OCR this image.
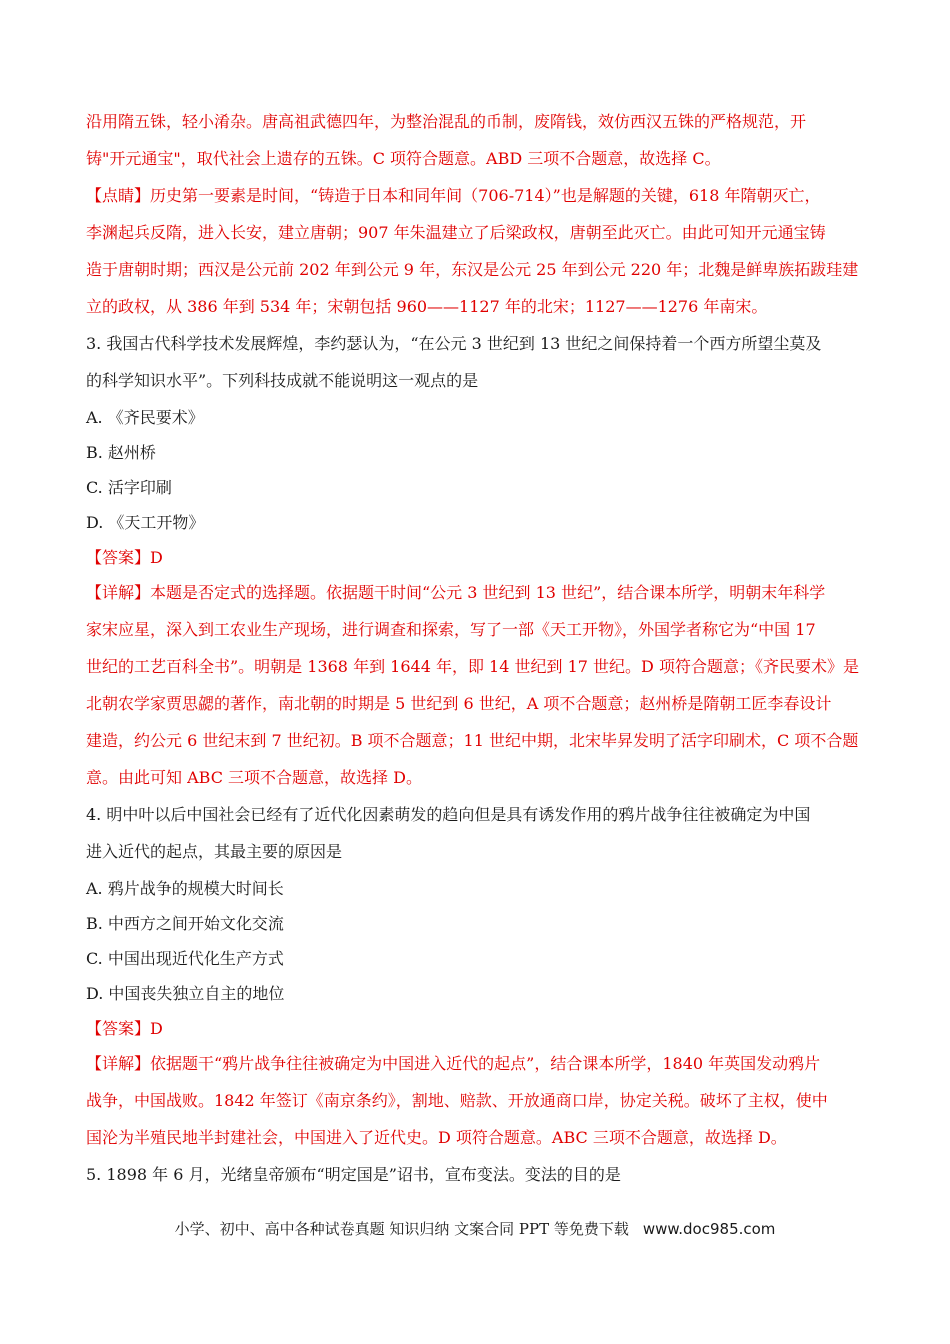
沿用隋五铢，轻小淆杂。唐高祖武德四年，为整治混乱的币制，废隋钱，效仿西汉五铢的严格规范，开

铸"开元通宝"，取代社会上遗存的五铢。C 项符合题意。ABD 三项不合题意，故选择 C。

【点睛】历史第一要素是时间，“铸造于日本和同年间（706-714）”也是解题的关键，618 年隋朝灭亡，

李渊起兵反隋，进入长安，建立唐朝；907 年朱温建立了后梁政权，唐朝至此灭亡。由此可知开元通宝铸

造于唐朝时期；西汉是公元前 202 年到公元 9 年，东汉是公元 25 年到公元 220 年；北魏是鲜卑族拓跋珪建

立的政权，从 386 年到 534 年；宋朝包括 960——1127 年的北宋；1127——1276 年南宋。

3. 我国古代科学技术发展辉煌，李约瑟认为，“在公元 3 世纪到 13 世纪之间保持着一个西方所望尘莫及

的科学知识水平”。下列科技成就不能说明这一观点的是

A. 《齐民要术》

B. 赵州桥

C. 活字印刷

D. 《天工开物》

【答案】D

【详解】本题是否定式的选择题。依据题干时间“公元 3 世纪到 13 世纪”，结合课本所学，明朝末年科学

家宋应星，深入到工农业生产现场，进行调查和探索，写了一部《天工开物》，外国学者称它为“中国 17

世纪的工艺百科全书”。明朝是 1368 年到 1644 年，即 14 世纪到 17 世纪。D 项符合题意；《齐民要术》是

北朝农学家贾思勰的著作，南北朝的时期是 5 世纪到 6 世纪，A 项不合题意；赵州桥是隋朝工匠李春设计

建造，约公元 6 世纪末到 7 世纪初。B 项不合题意；11 世纪中期，北宋毕昇发明了活字印刷术，C 项不合题

意。由此可知 ABC 三项不合题意，故选择 D。

4. 明中叶以后中国社会已经有了近代化因素萌发的趋向但是具有诱发作用的鸦片战争往往被确定为中国

进入近代的起点，其最主要的原因是

A. 鸦片战争的规模大时间长

B. 中西方之间开始文化交流

C. 中国出现近代化生产方式

D. 中国丧失独立自主的地位

【答案】D

【详解】依据题干“鸦片战争往往被确定为中国进入近代的起点”，结合课本所学，1840 年英国发动鸦片

战争，中国战败。1842 年签订《南京条约》，割地、赔款、开放通商口岸，协定关税。破坏了主权，使中

国沦为半殖民地半封建社会，中国进入了近代史。D 项符合题意。ABC 三项不合题意，故选择 D。

5. 1898 年 6 月，光绪皇帝颁布“明定国是”诏书，宣布变法。变法的目的是

小学、初中、高中各种试卷真题 知识归纳 文案合同 PPT 等免费下载 www.doc985.com
